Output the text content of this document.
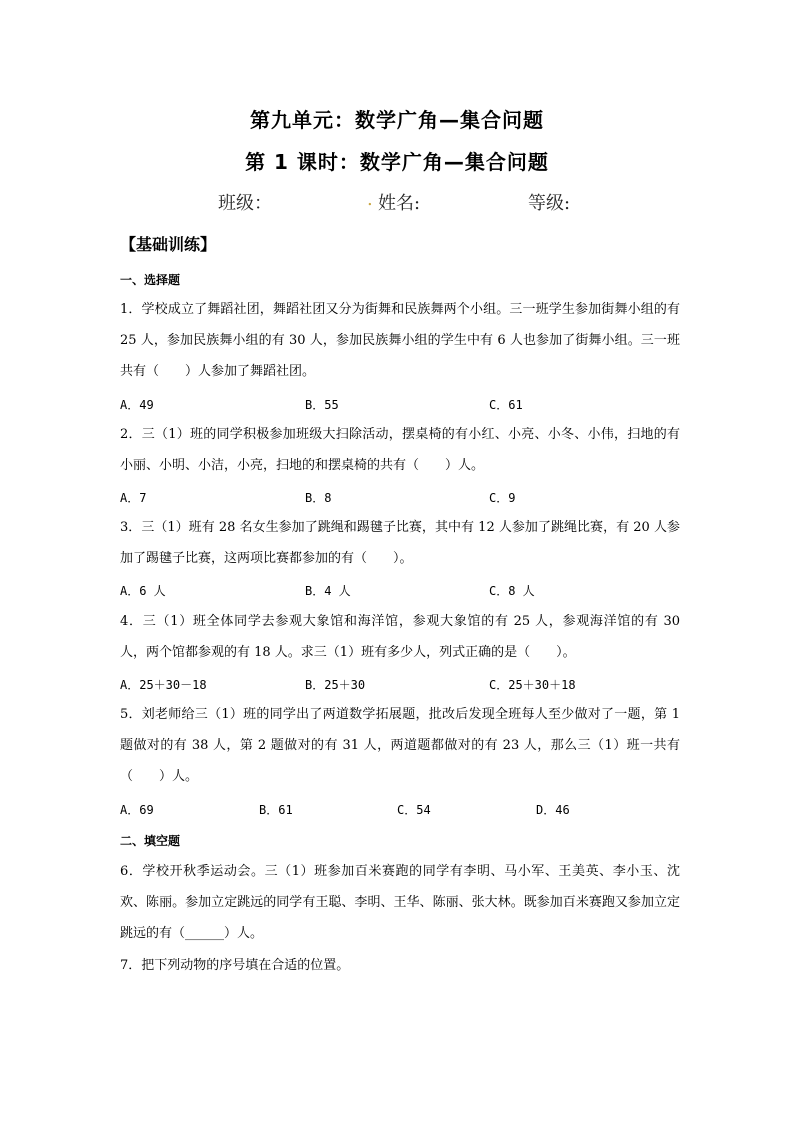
第九单元：数学广角—集合问题
第 1 课时：数学广角—集合问题
班级：	. 姓名:	等级:
【基础训练】
一、选择题

1．学校成立了舞蹈社团，舞蹈社团又分为街舞和民族舞两个小组。三一班学生参加街舞小组的有 25 人，参加民族舞小组的有 30 人，参加民族舞小组的学生中有 6 人也参加了街舞小组。三一班共有（　　）人参加了舞蹈社团。

A．49	B．55	C．61

2．三（1）班的同学积极参加班级大扫除活动，摆桌椅的有小红、小亮、小冬、小伟，扫地的有小丽、小明、小洁，小亮，扫地的和摆桌椅的共有（　　）人。

A．7	B．8	C．9

3．三（1）班有 28 名女生参加了跳绳和踢毽子比赛，其中有 12 人参加了跳绳比赛，有 20 人参加了踢毽子比赛，这两项比赛都参加的有（　　）。

A．6 人	B．4 人	C．8 人

4．三（1）班全体同学去参观大象馆和海洋馆，参观大象馆的有 25 人，参观海洋馆的有 30 人，两个馆都参观的有 18 人。求三（1）班有多少人，列式正确的是（　　）。

A．25＋30－18	B．25＋30	C．25＋30＋18

5．刘老师给三（1）班的同学出了两道数学拓展题，批改后发现全班每人至少做对了一题，第 1 题做对的有 38 人，第 2 题做对的有 31 人，两道题都做对的有 23 人，那么三（1）班一共有（　　）人。

A．69	B．61	C．54	D．46
二、填空题

6．学校开秋季运动会。三（1）班参加百米赛跑的同学有李明、马小军、王美英、李小玉、沈欢、陈丽。参加立定跳远的同学有王聪、李明、王华、陈丽、张大林。既参加百米赛跑又参加立定跳远的有（______）人。

7．把下列动物的序号填在合适的位置。
